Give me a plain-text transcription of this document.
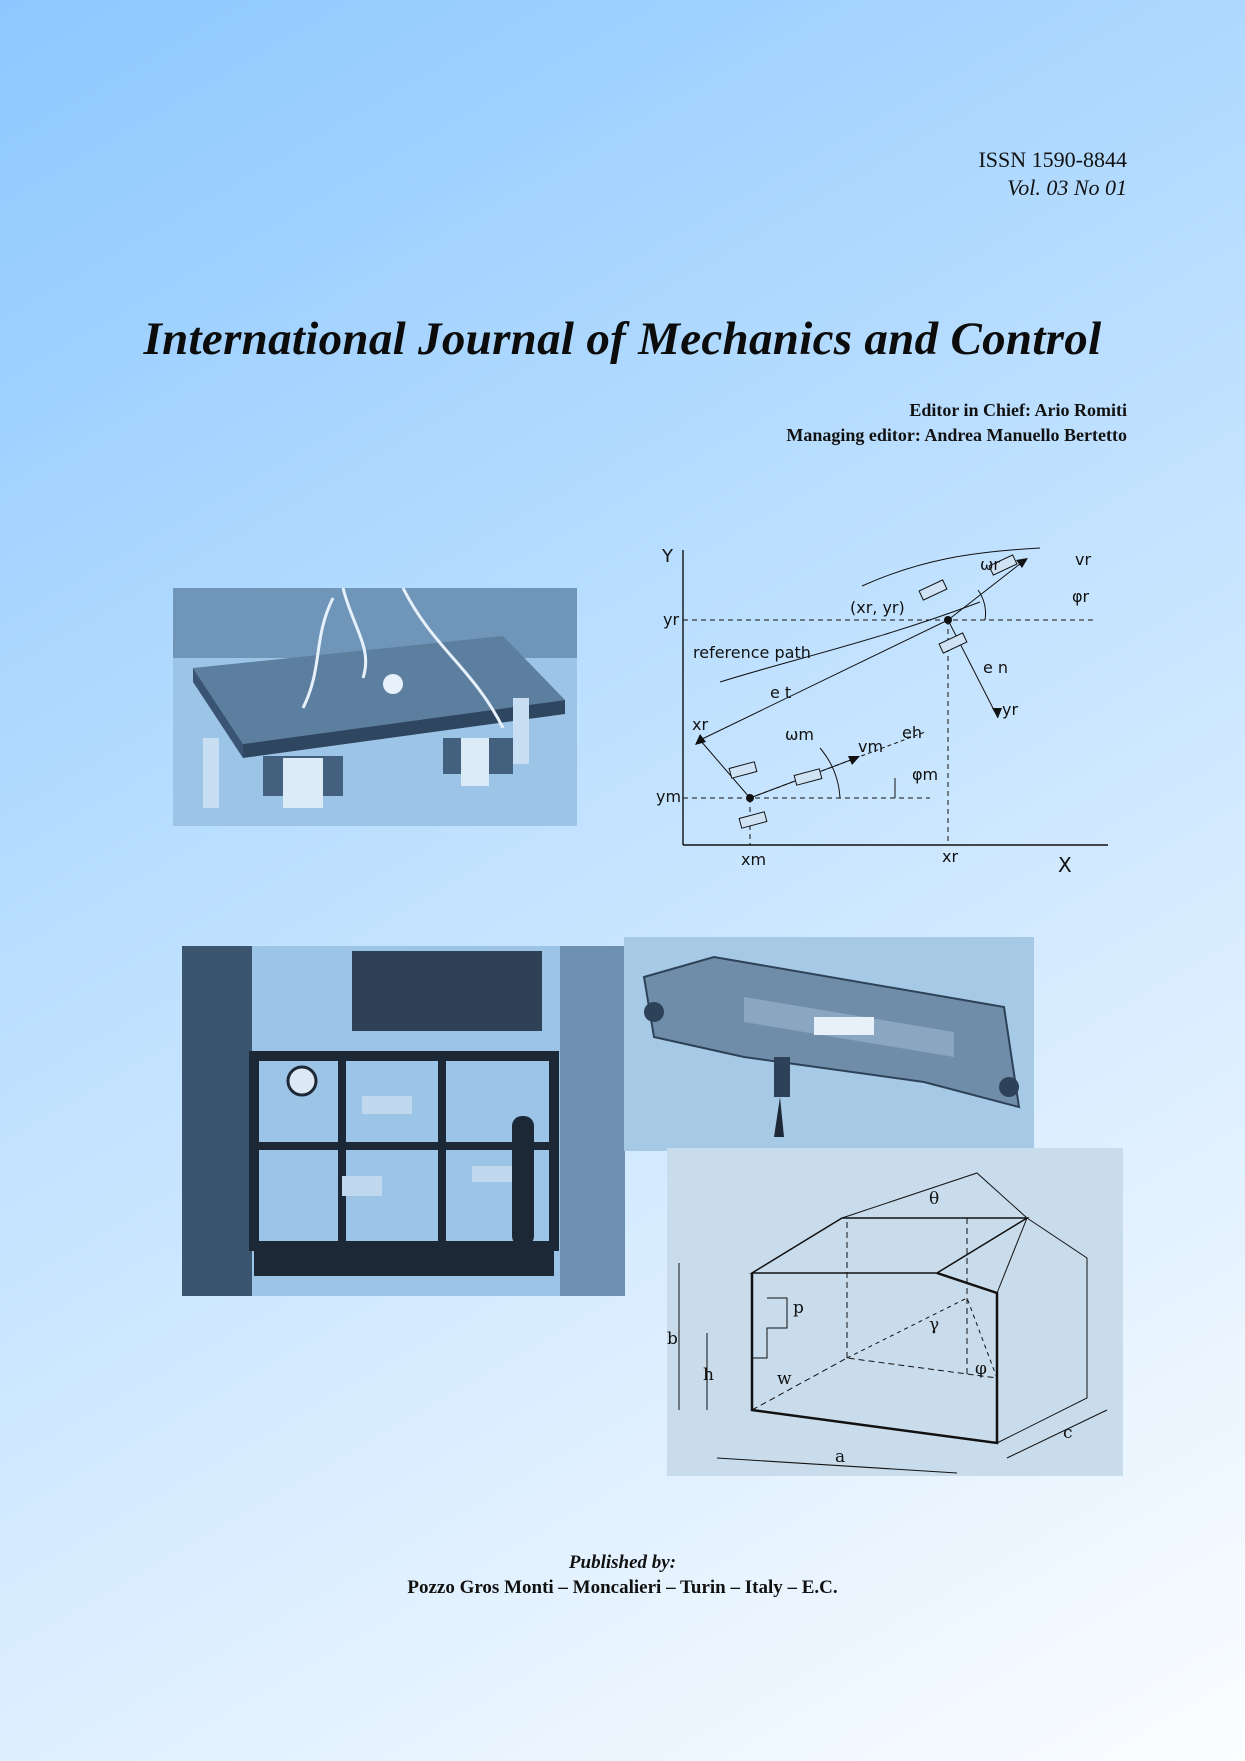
ISSN 1590-8844
Vol. 03 No 01
International Journal of Mechanics and Control
Editor in Chief: Ario Romiti
Managing editor: Andrea Manuello Bertetto
Y
X
yr
ym
xm	xr
(xr, yr)
reference path
ωr	vr
φr
e t
e n
yr
xr
ωm
vm
eh
φm
θ
γ
φ
p
b
h	w
a
c
Published by:
Pozzo Gros Monti – Moncalieri – Turin – Italy – E.C.
